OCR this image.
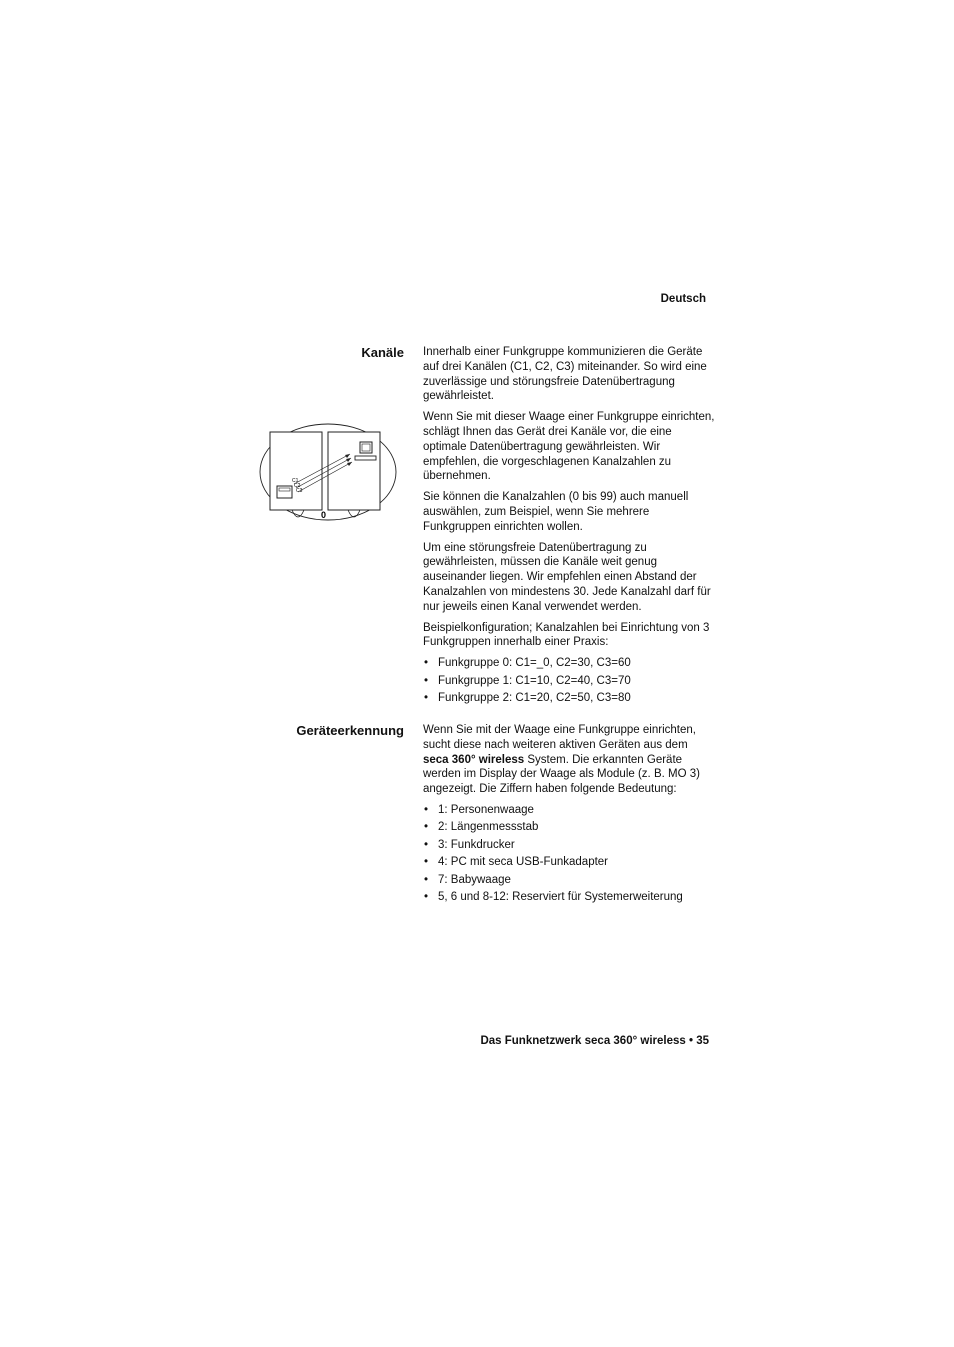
Deutsch
Kanäle
C1
C2
C3
0

Innerhalb einer Funkgruppe kommunizieren die Geräte auf drei Kanälen (C1, C2, C3) miteinander. So wird eine zuverlässige und störungsfreie Datenübertragung gewährleistet.

Wenn Sie mit dieser Waage einer Funkgruppe einrichten, schlägt Ihnen das Gerät drei Kanäle vor, die eine optimale Datenübertragung gewährleisten. Wir empfehlen, die vorgeschlagenen Kanalzahlen zu übernehmen.

Sie können die Kanalzahlen (0 bis 99) auch manuell auswählen, zum Beispiel, wenn Sie mehrere Funkgruppen einrichten wollen.

Um eine störungsfreie Datenübertragung zu gewährleisten, müssen die Kanäle weit genug auseinander liegen. Wir empfehlen einen Abstand der Kanalzahlen von mindestens 30. Jede Kanalzahl darf für nur jeweils einen Kanal verwendet werden.

Beispielkonfiguration; Kanalzahlen bei Einrichtung von 3 Funkgruppen innerhalb einer Praxis:

• Funkgruppe 0: C1=_0, C2=30, C3=60
• Funkgruppe 1: C1=10, C2=40, C3=70
• Funkgruppe 2: C1=20, C2=50, C3=80
Geräteerkennung Wenn Sie mit der Waage eine Funkgruppe einrichten, sucht diese nach weiteren aktiven Geräten aus dem seca 360° wireless System. Die erkannten Geräte werden im Display der Waage als Module (z. B. MO 3) angezeigt. Die Ziffern haben folgende Bedeutung:

• 1: Personenwaage
• 2: Längenmessstab
• 3: Funkdrucker
• 4: PC mit seca USB-Funkadapter
• 7: Babywaage
• 5, 6 und 8-12: Reserviert für Systemerweiterung
Das Funknetzwerk seca 360° wireless • 35
